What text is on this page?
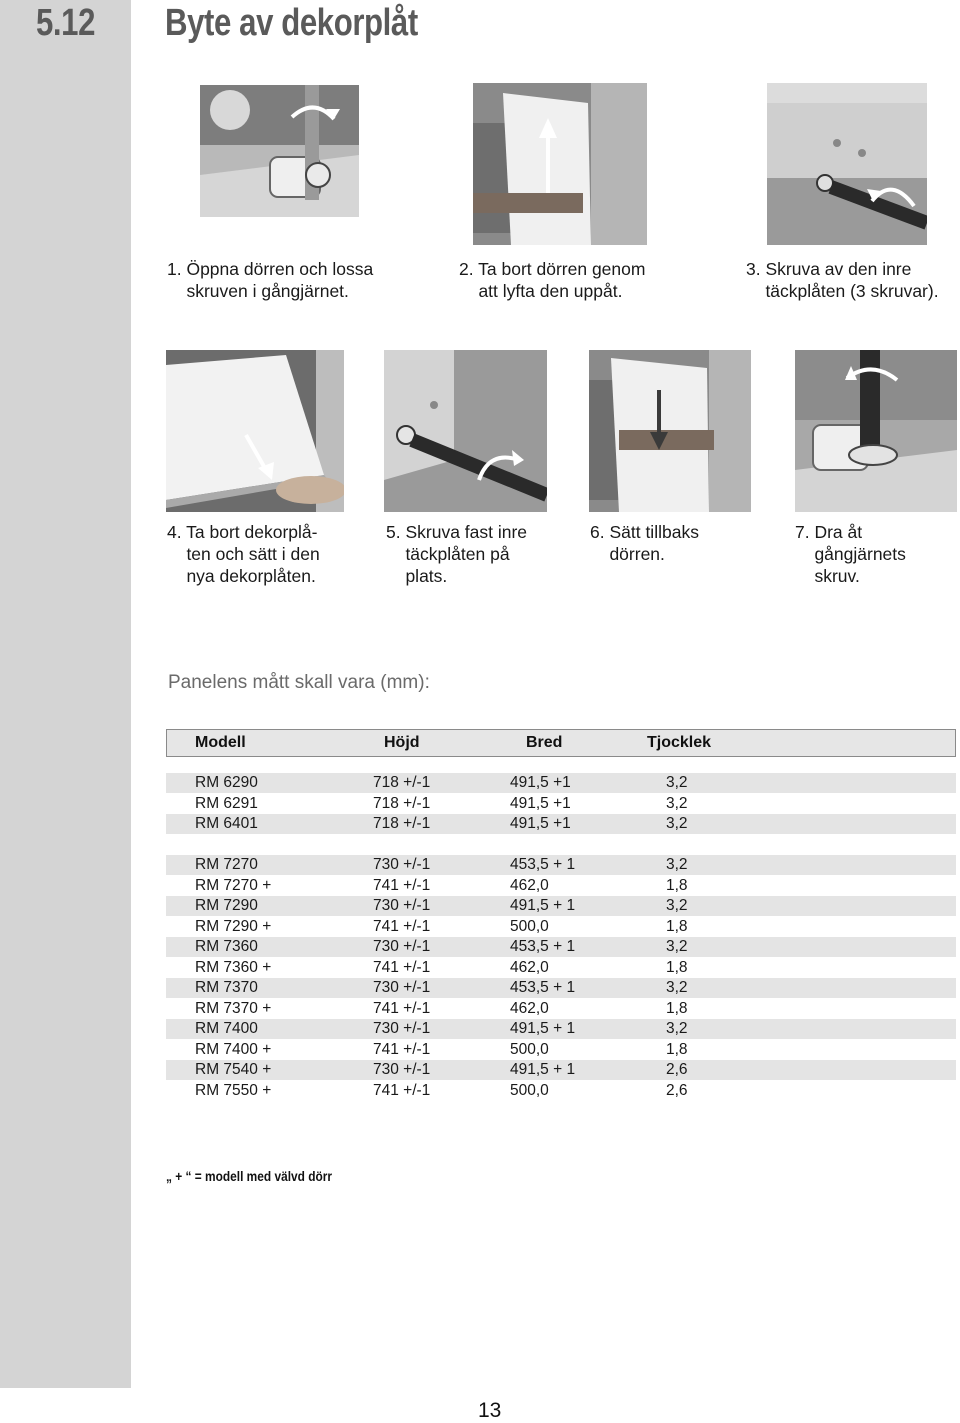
5.12 Byte av dekorplåt
1. Öppna dörren och lossa
skruven i gångjärnet.
2. Ta bort dörren genom
att lyfta den uppåt.
3. Skruva av den inre
täckplåten (3 skruvar).
4. Ta bort dekorplå-
ten och sätt i den
nya dekorplåten.
5. Skruva fast inre
täckplåten på
plats.
6. Sätt tillbaks
dörren.
7. Dra åt
gångjärnets
skruv.
Panelens mått skall vara (mm):
Modell	Höjd	Bred	Tjocklek
RM 6290	718 +/-1	491,5 +1	3,2
RM 6291	718 +/-1	491,5 +1	3,2
RM 6401	718 +/-1	491,5 +1	3,2
RM 7270	730 +/-1	453,5 + 1	3,2
RM 7270 +	741 +/-1	462,0	1,8
RM 7290	730 +/-1	491,5 + 1	3,2
RM 7290 +	741 +/-1	500,0	1,8
RM 7360	730 +/-1	453,5 + 1	3,2
RM 7360 +	741 +/-1	462,0	1,8
RM 7370	730 +/-1	453,5 + 1	3,2
RM 7370 +	741 +/-1	462,0	1,8
RM 7400	730 +/-1	491,5 + 1	3,2
RM 7400 +	741 +/-1	500,0	1,8
RM 7540 +	730 +/-1	491,5 + 1	2,6
RM 7550 +	741 +/-1	500,0	2,6
„ + “ = modell med välvd dörr
13
